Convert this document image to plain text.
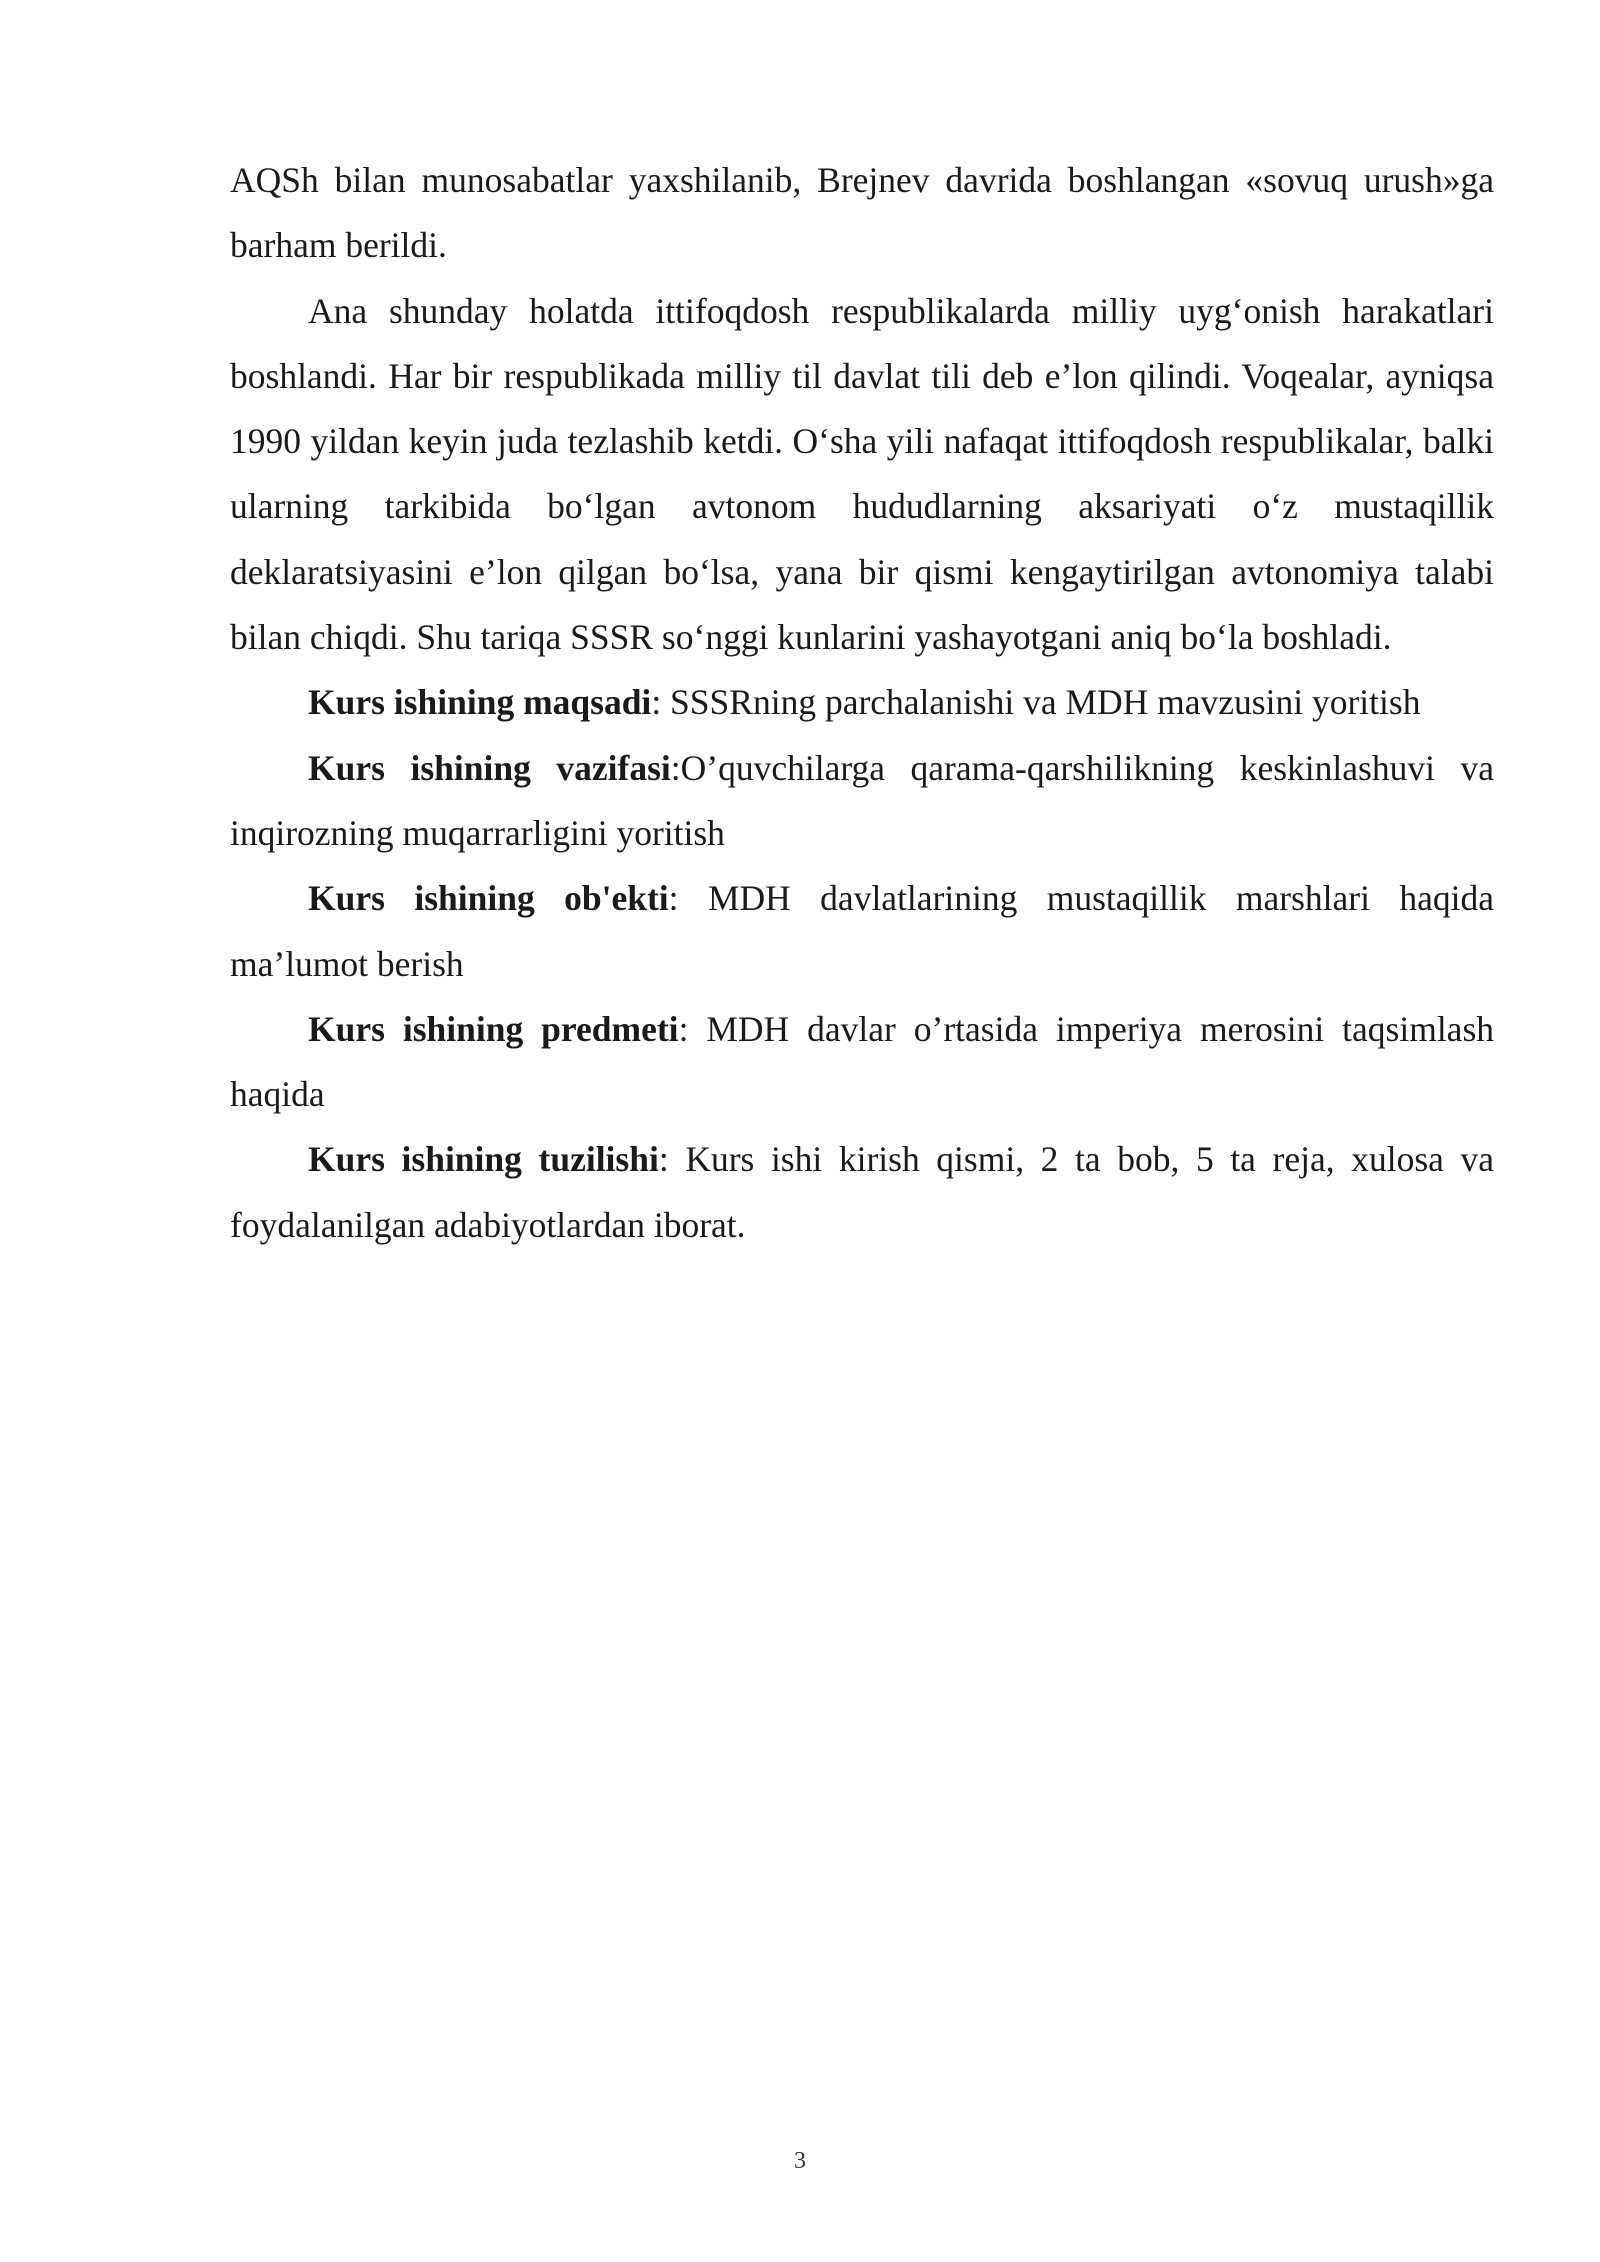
AQSh bilan munosabatlar yaxshilanib, Brejnev davrida boshlangan «sovuq urush»ga barham berildi.

Ana shunday holatda ittifoqdosh respublikalarda milliy uyg‘onish harakatlari boshlandi. Har bir respublikada milliy til davlat tili deb e’lon qilindi. Voqealar, ayniqsa 1990 yildan keyin juda tezlashib ketdi. O‘sha yili nafaqat ittifoqdosh respublikalar, balki ularning tarkibida bo‘lgan avtonom hududlarning aksariyati o‘z mustaqillik deklaratsiyasini e’lon qilgan bo‘lsa, yana bir qismi kengaytirilgan avtonomiya talabi bilan chiqdi. Shu tariqa SSSR so‘nggi kunlarini yashayotgani aniq bo‘la boshladi.

Kurs ishining maqsadi: SSSRning parchalanishi va MDH mavzusini yoritish

Kurs ishining vazifasi:O’quvchilarga qarama-qarshilikning keskinlashuvi va inqirozning muqarrarligini yoritish

Kurs ishining ob'ekti: MDH davlatlarining mustaqillik marshlari haqida ma’lumot berish

Kurs ishining predmeti: MDH davlar o’rtasida imperiya merosini taqsimlash haqida

Kurs ishining tuzilishi: Kurs ishi kirish qismi, 2 ta bob, 5 ta reja, xulosa va foydalanilgan adabiyotlardan iborat.

3
